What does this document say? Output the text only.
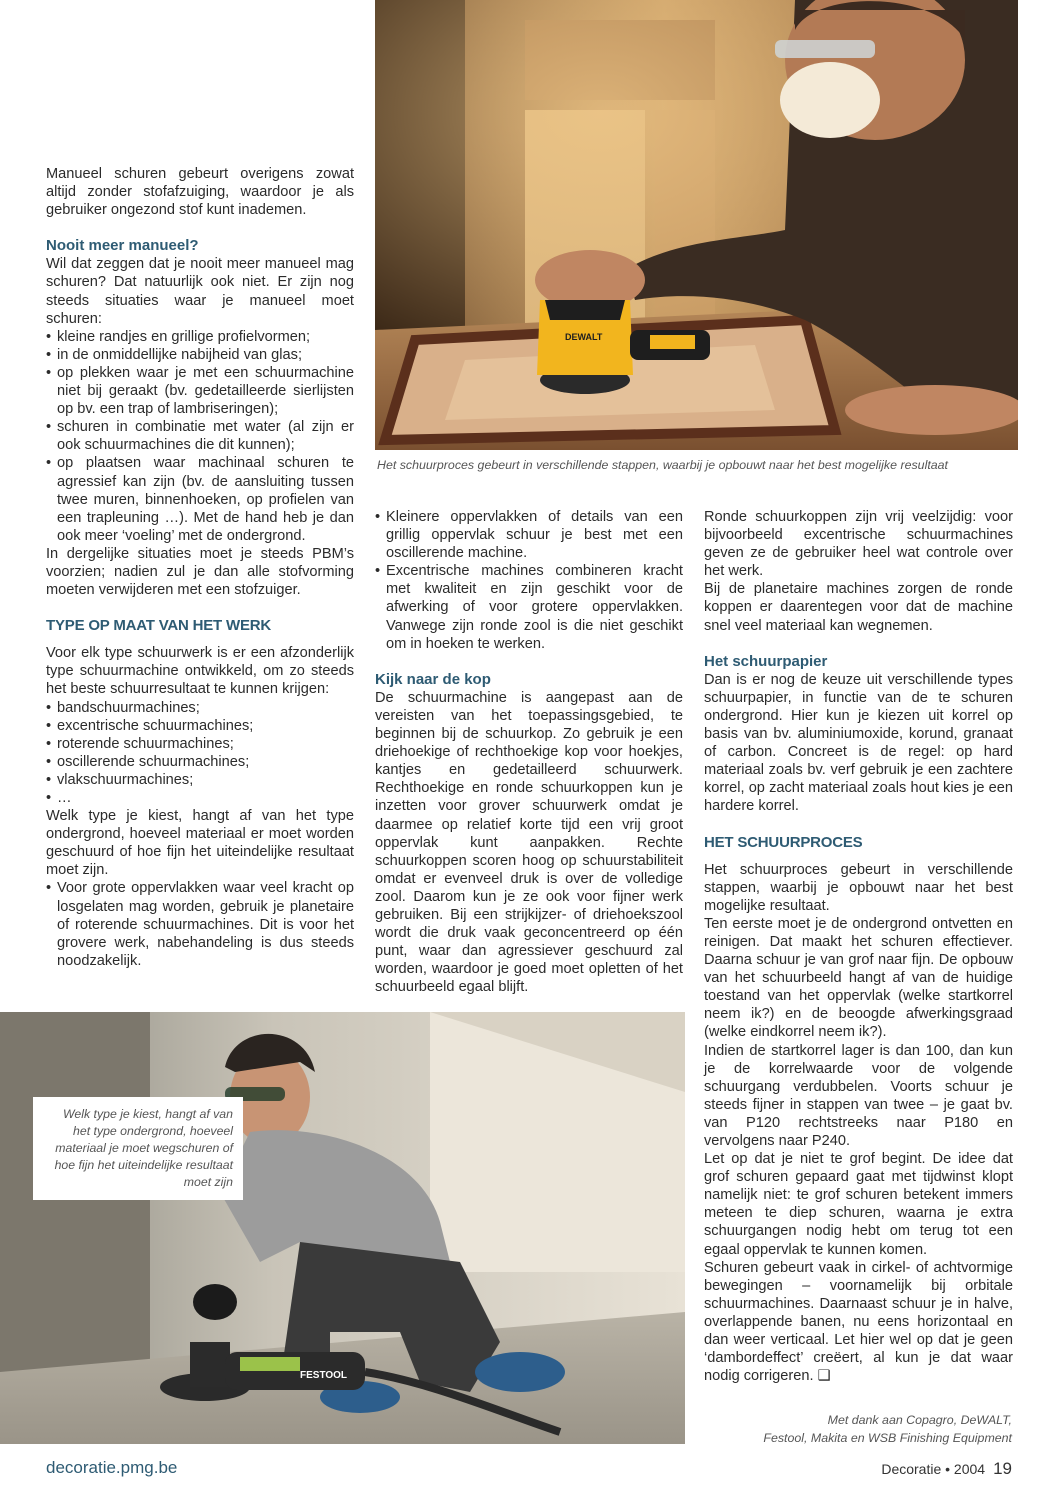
DEWALT
Het schuurproces gebeurt in verschillende stappen, waarbij je opbouwt naar het best mogelijke resultaat

Manueel schuren gebeurt overigens zowat altijd zonder stofafzuiging, waardoor je als gebruiker ongezond stof kunt inademen.

Nooit meer manueel?

Wil dat zeggen dat je nooit meer manueel mag schuren? Dat natuurlijk ook niet. Er zijn nog steeds situaties waar je manueel moet schuren:

• kleine randjes en grillige profielvormen;
• in de onmiddellijke nabijheid van glas;
• op plekken waar je met een schuurmachine niet bij geraakt (bv. gedetailleerde sierlijsten op bv. een trap of lambriseringen);
• schuren in combinatie met water (al zijn er ook schuurmachines die dit kunnen);
• op plaatsen waar machinaal schuren te agressief kan zijn (bv. de aansluiting tussen twee muren, binnenhoeken, op profielen van een trapleuning …). Met de hand heb je dan ook meer ‘voeling’ met de ondergrond.

In dergelijke situaties moet je steeds PBM’s voorzien; nadien zul je dan alle stofvorming moeten verwijderen met een stofzuiger.

TYPE OP MAAT VAN HET WERK

Voor elk type schuurwerk is er een afzonderlijk type schuurmachine ontwikkeld, om zo steeds het beste schuurresultaat te kunnen krijgen:

• bandschuurmachines;
• excentrische schuurmachines;
• roterende schuurmachines;
• oscillerende schuurmachines;
• vlakschuurmachines;
• …

Welk type je kiest, hangt af van het type ondergrond, hoeveel materiaal er moet worden geschuurd of hoe fijn het uiteindelijke resultaat moet zijn.

• Voor grote oppervlakken waar veel kracht op losgelaten mag worden, gebruik je planetaire of roterende schuurmachines. Dit is voor het grovere werk, nabehandeling is dus steeds noodzakelijk.
• Kleinere oppervlakken of details van een grillig oppervlak schuur je best met een oscillerende machine.
• Excentrische machines combineren kracht met kwaliteit en zijn geschikt voor de afwerking of voor grotere oppervlakken. Vanwege zijn ronde zool is die niet geschikt om in hoeken te werken.
Kijk naar de kop

De schuurmachine is aangepast aan de vereisten van het toepassingsgebied, te beginnen bij de schuurkop. Zo gebruik je een driehoekige of rechthoekige kop voor hoekjes, kantjes en gedetailleerd schuurwerk. Rechthoekige en ronde schuurkoppen kun je inzetten voor grover schuurwerk omdat je daarmee op relatief korte tijd een vrij groot oppervlak kunt aanpakken. Rechte schuurkoppen scoren hoog op schuurstabiliteit omdat er evenveel druk is over de volledige zool. Daarom kun je ze ook voor fijner werk gebruiken. Bij een strijkijzer- of driehoekszool wordt die druk vaak geconcentreerd op één punt, waar dan agressiever geschuurd zal worden, waardoor je goed moet opletten of het schuurbeeld egaal blijft.

Ronde schuurkoppen zijn vrij veelzijdig: voor bijvoorbeeld excentrische schuurmachines geven ze de gebruiker heel wat controle over het werk.

Bij de planetaire machines zorgen de ronde koppen er daarentegen voor dat de machine snel veel materiaal kan wegnemen.

Het schuurpapier

Dan is er nog de keuze uit verschillende types schuurpapier, in functie van de te schuren ondergrond. Hier kun je kiezen uit korrel op basis van bv. aluminiumoxide, korund, granaat of carbon. Concreet is de regel: op hard materiaal zoals bv. verf gebruik je een zachtere korrel, op zacht materiaal zoals hout kies je een hardere korrel.

HET SCHUURPROCES

Het schuurproces gebeurt in verschillende stappen, waarbij je opbouwt naar het best mogelijke resultaat.

Ten eerste moet je de ondergrond ontvetten en reinigen. Dat maakt het schuren effectiever. Daarna schuur je van grof naar fijn. De opbouw van het schuurbeeld hangt af van de huidige toestand van het oppervlak (welke startkorrel neem ik?) en de beoogde afwerkingsgraad (welke eindkorrel neem ik?).

Indien de startkorrel lager is dan 100, dan kun je de korrelwaarde voor de volgende schuurgang verdubbelen. Voorts schuur je steeds fijner in stappen van twee – je gaat bv. van P120 rechtstreeks naar P180 en vervolgens naar P240.

Let op dat je niet te grof begint. De idee dat grof schuren gepaard gaat met tijdwinst klopt namelijk niet: te grof schuren betekent immers meteen te diep schuren, waarna je extra schuurgangen nodig hebt om terug tot een egaal oppervlak te kunnen komen.

Schuren gebeurt vaak in cirkel- of achtvormige bewegingen – voornamelijk bij orbitale schuurmachines. Daarnaast schuur je in halve, overlappende banen, nu eens horizontaal en dan weer verticaal. Let hier wel op dat je geen ‘dambordeffect’ creëert, al kun je dat waar nodig corrigeren. ❑

FESTOOL
Welk type je kiest, hangt af van het type ondergrond, hoeveel materiaal je moet wegschuren of hoe fijn het uiteindelijke resultaat moet zijn
Met dank aan Copagro, DeWALT,
Festool, Makita en WSB Finishing Equipment
decoratie.pmg.be	Decoratie • 2004 19
